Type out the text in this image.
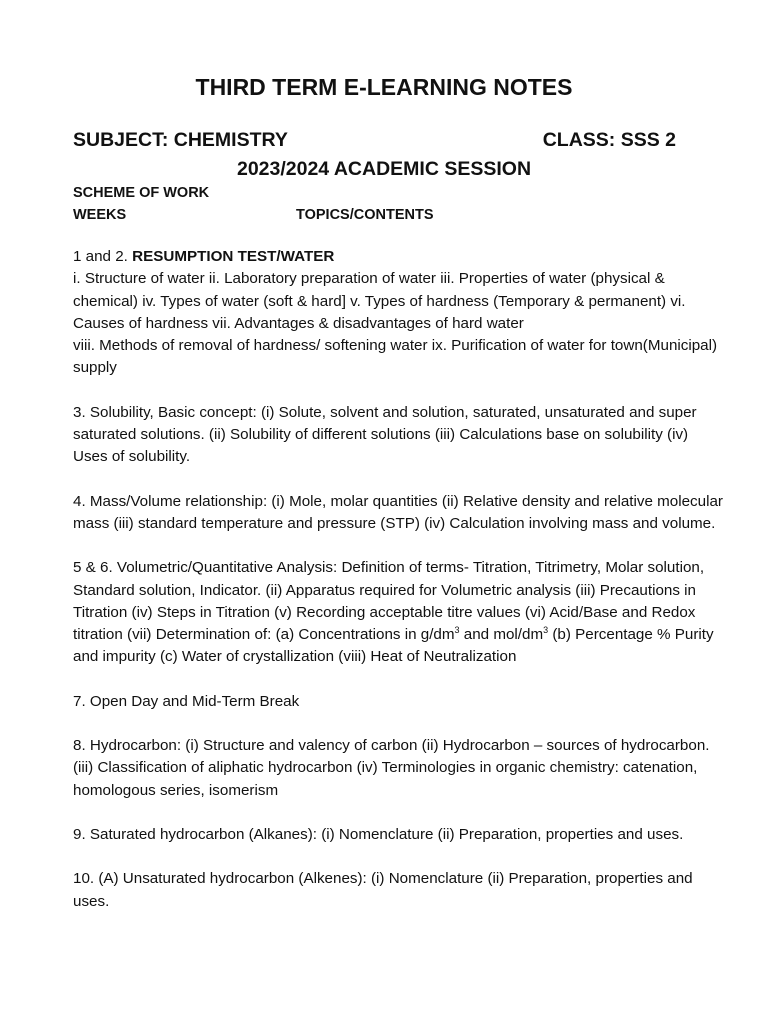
THIRD TERM E-LEARNING NOTES
SUBJECT: CHEMISTRY	CLASS: SSS 2
2023/2024 ACADEMIC SESSION
SCHEME OF WORK
WEEKS	TOPICS/CONTENTS
1 and 2. RESUMPTION TEST/WATER
i. Structure of water ii. Laboratory preparation of water iii. Properties of water (physical & chemical) iv. Types of water (soft & hard] v. Types of hardness (Temporary & permanent) vi. Causes of hardness vii. Advantages & disadvantages of hard water
viii. Methods of removal of hardness/ softening water ix. Purification of water for town(Municipal) supply
3. Solubility, Basic concept: (i) Solute, solvent and solution, saturated, unsaturated and super saturated solutions. (ii) Solubility of different solutions (iii) Calculations base on solubility (iv) Uses of solubility.
4. Mass/Volume relationship: (i) Mole, molar quantities (ii) Relative density and relative molecular mass (iii) standard temperature and pressure (STP) (iv) Calculation involving mass and volume.
5 & 6. Volumetric/Quantitative Analysis: Definition of terms- Titration, Titrimetry, Molar solution, Standard solution, Indicator. (ii) Apparatus required for Volumetric analysis (iii) Precautions in Titration (iv) Steps in Titration (v) Recording acceptable titre values (vi) Acid/Base and Redox titration (vii) Determination of: (a) Concentrations in $g/dm^3$ and mol/$dm^3$ (b) Percentage % Purity and impurity (c) Water of crystallization (viii) Heat of Neutralization
7. Open Day and Mid-Term Break
8. Hydrocarbon: (i) Structure and valency of carbon (ii) Hydrocarbon – sources of hydrocarbon. (iii) Classification of aliphatic hydrocarbon (iv) Terminologies in organic chemistry: catenation, homologous series, isomerism
9. Saturated hydrocarbon (Alkanes): (i) Nomenclature (ii) Preparation, properties and uses.
10. (A) Unsaturated hydrocarbon (Alkenes): (i) Nomenclature (ii) Preparation, properties and uses.
